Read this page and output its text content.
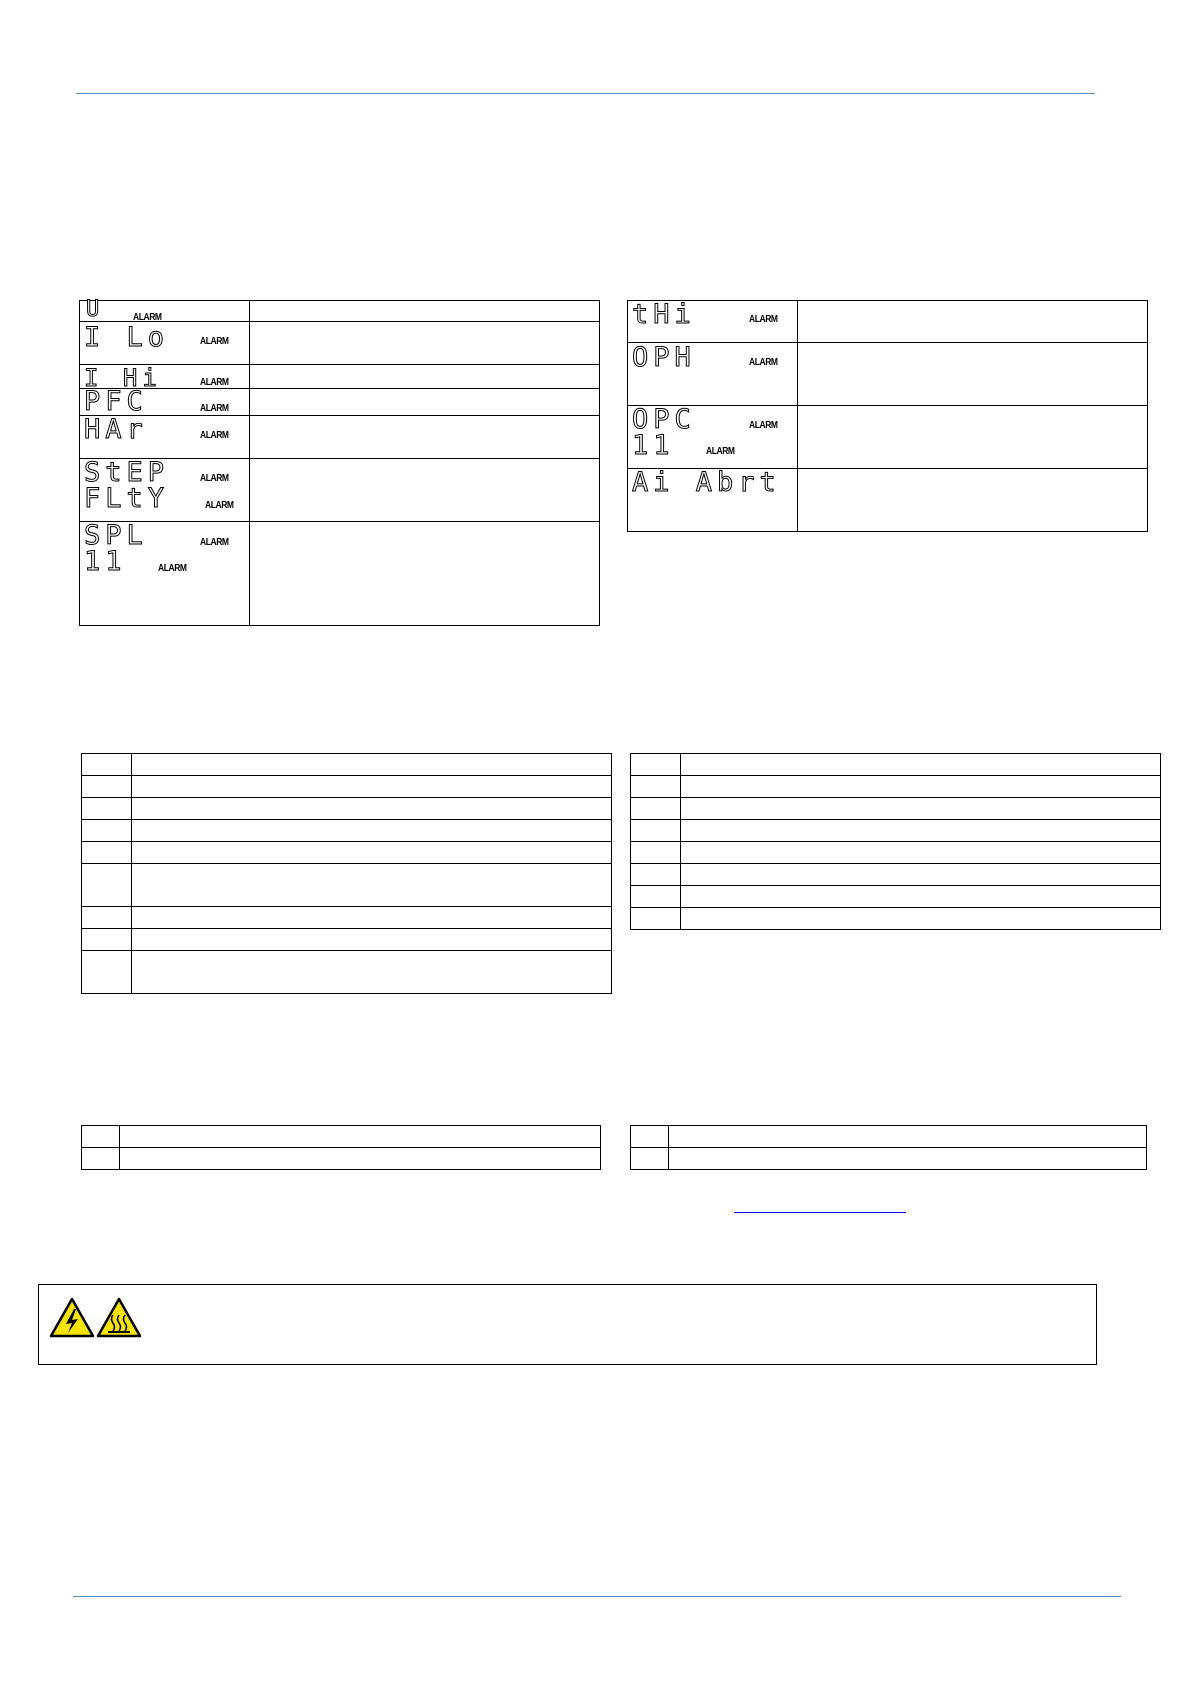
U ALARM	

I Lo ALARM	

I Hi ALARM	

PFC ALARM	

HAr ALARM	

StEP ALARM
FLtY ALARM	

SPL ALARM
11 ALARM	

tHi ALARM	

OPH ALARM	

OPC ALARM
11 ALARM	

Ai Abrt	
